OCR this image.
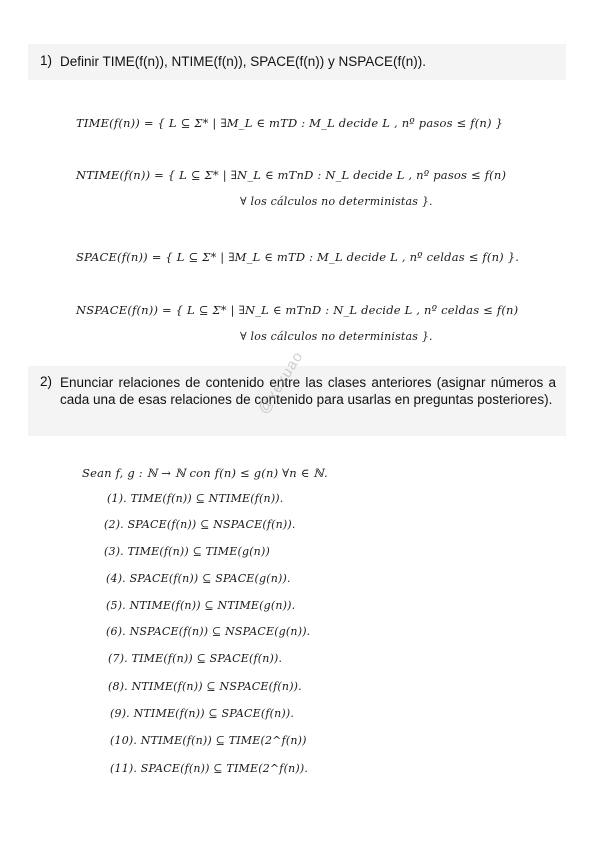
1) Definir TIME(f(n)), NTIME(f(n)), SPACE(f(n)) y NSPACE(f(n)).
TIME(f(n)) = { L ⊆ Σ* | ∃M_L ∈ mTD : M_L decide L , nº pasos ≤ f(n) }
NTIME(f(n)) = { L ⊆ Σ* | ∃N_L ∈ mTnD : N_L decide L , nº pasos ≤ f(n)
∀ los cálculos no deterministas }.
SPACE(f(n)) = { L ⊆ Σ* | ∃M_L ∈ mTD : M_L decide L , nº celdas ≤ f(n) }.
NSPACE(f(n)) = { L ⊆ Σ* | ∃N_L ∈ mTnD : N_L decide L , nº celdas ≤ f(n)
∀ los cálculos no deterministas }.
2) Enunciar relaciones de contenido entre las clases anteriores (asignar números a cada una de esas relaciones de contenido para usarlas en preguntas posteriores).
Sean f, g : ℕ → ℕ con f(n) ≤ g(n) ∀n ∈ ℕ.
(1). TIME(f(n)) ⊆ NTIME(f(n)).
(2). SPACE(f(n)) ⊆ NSPACE(f(n)).
(3). TIME(f(n)) ⊆ TIME(g(n))
(4). SPACE(f(n)) ⊆ SPACE(g(n)).
(5). NTIME(f(n)) ⊆ NTIME(g(n)).
(6). NSPACE(f(n)) ⊆ NSPACE(g(n)).
(7). TIME(f(n)) ⊆ SPACE(f(n)).
(8). NTIME(f(n)) ⊆ NSPACE(f(n)).
(9). NTIME(f(n)) ⊆ SPACE(f(n)).
(10). NTIME(f(n)) ⊆ TIME(2^f(n))
(11). SPACE(f(n)) ⊆ TIME(2^f(n)).
@xexuao
